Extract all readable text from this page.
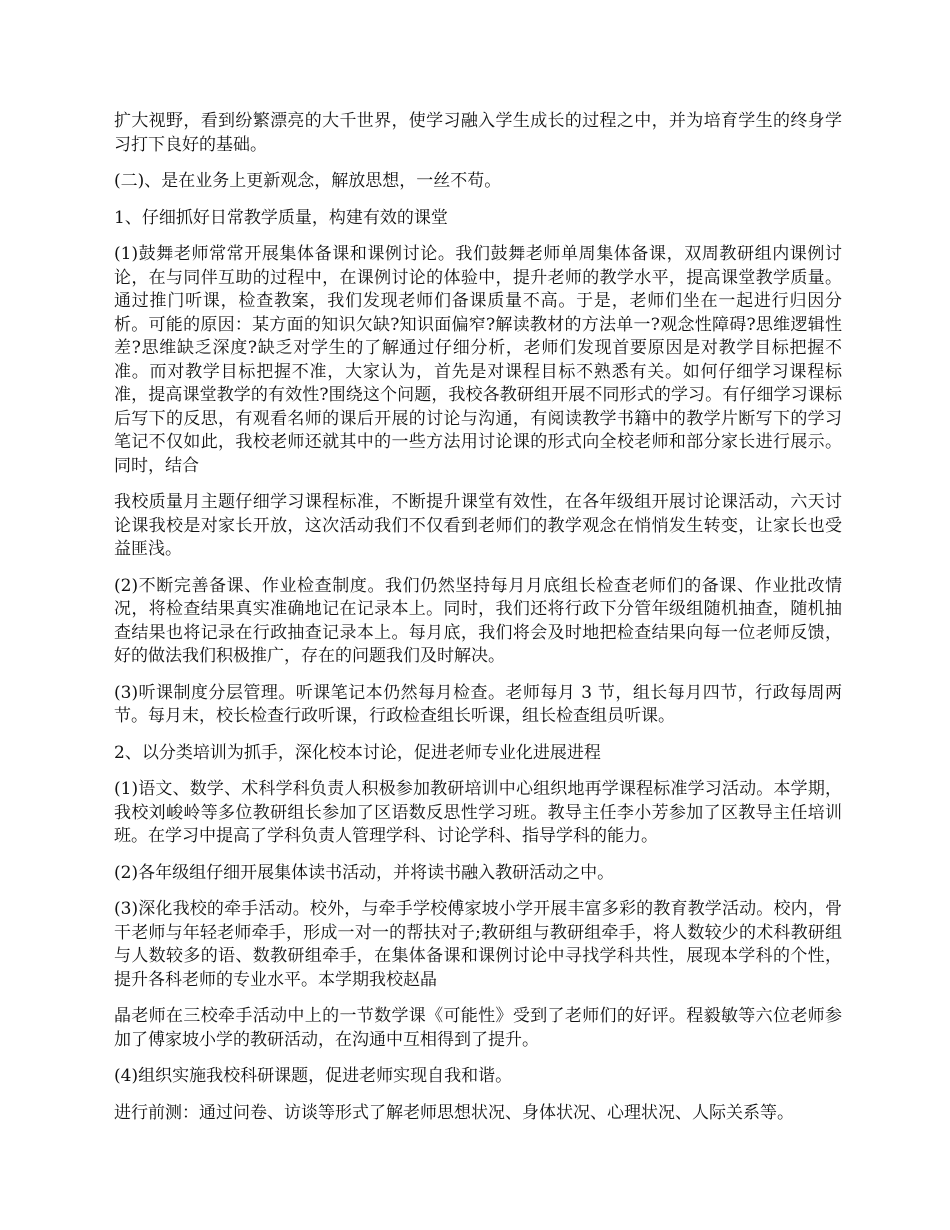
扩大视野，看到纷繁漂亮的大千世界，使学习融入学生成长的过程之中，并为培育学生的终身学习打下良好的基础。

(二)、是在业务上更新观念，解放思想，一丝不苟。

1、仔细抓好日常教学质量，构建有效的课堂

(1)鼓舞老师常常开展集体备课和课例讨论。我们鼓舞老师单周集体备课，双周教研组内课例讨论，在与同伴互助的过程中，在课例讨论的体验中，提升老师的教学水平，提高课堂教学质量。通过推门听课，检查教案，我们发现老师们备课质量不高。于是，老师们坐在一起进行归因分析。可能的原因：某方面的知识欠缺?知识面偏窄?解读教材的方法单一?观念性障碍?思维逻辑性差?思维缺乏深度?缺乏对学生的了解通过仔细分析，老师们发现首要原因是对教学目标把握不准。而对教学目标把握不准，大家认为，首先是对课程目标不熟悉有关。如何仔细学习课程标准，提高课堂教学的有效性?围绕这个问题，我校各教研组开展不同形式的学习。有仔细学习课标后写下的反思，有观看名师的课后开展的讨论与沟通，有阅读教学书籍中的教学片断写下的学习笔记不仅如此，我校老师还就其中的一些方法用讨论课的形式向全校老师和部分家长进行展示。同时，结合

我校质量月主题仔细学习课程标准，不断提升课堂有效性，在各年级组开展讨论课活动，六天讨论课我校是对家长开放，这次活动我们不仅看到老师们的教学观念在悄悄发生转变，让家长也受益匪浅。

(2)不断完善备课、作业检查制度。我们仍然坚持每月月底组长检查老师们的备课、作业批改情况，将检查结果真实准确地记在记录本上。同时，我们还将行政下分管年级组随机抽查，随机抽查结果也将记录在行政抽查记录本上。每月底，我们将会及时地把检查结果向每一位老师反馈，好的做法我们积极推广，存在的问题我们及时解决。

(3)听课制度分层管理。听课笔记本仍然每月检查。老师每月 3 节，组长每月四节，行政每周两节。每月末，校长检查行政听课，行政检查组长听课，组长检查组员听课。

2、以分类培训为抓手，深化校本讨论，促进老师专业化进展进程

(1)语文、数学、术科学科负责人积极参加教研培训中心组织地再学课程标准学习活动。本学期，我校刘峻岭等多位教研组长参加了区语数反思性学习班。教导主任李小芳参加了区教导主任培训班。在学习中提高了学科负责人管理学科、讨论学科、指导学科的能力。

(2)各年级组仔细开展集体读书活动，并将读书融入教研活动之中。

(3)深化我校的牵手活动。校外，与牵手学校傅家坡小学开展丰富多彩的教育教学活动。校内，骨干老师与年轻老师牵手，形成一对一的帮扶对子;教研组与教研组牵手，将人数较少的术科教研组与人数较多的语、数教研组牵手，在集体备课和课例讨论中寻找学科共性，展现本学科的个性，提升各科老师的专业水平。本学期我校赵晶

晶老师在三校牵手活动中上的一节数学课《可能性》受到了老师们的好评。程毅敏等六位老师参加了傅家坡小学的教研活动，在沟通中互相得到了提升。

(4)组织实施我校科研课题，促进老师实现自我和谐。

进行前测：通过问卷、访谈等形式了解老师思想状况、身体状况、心理状况、人际关系等。
